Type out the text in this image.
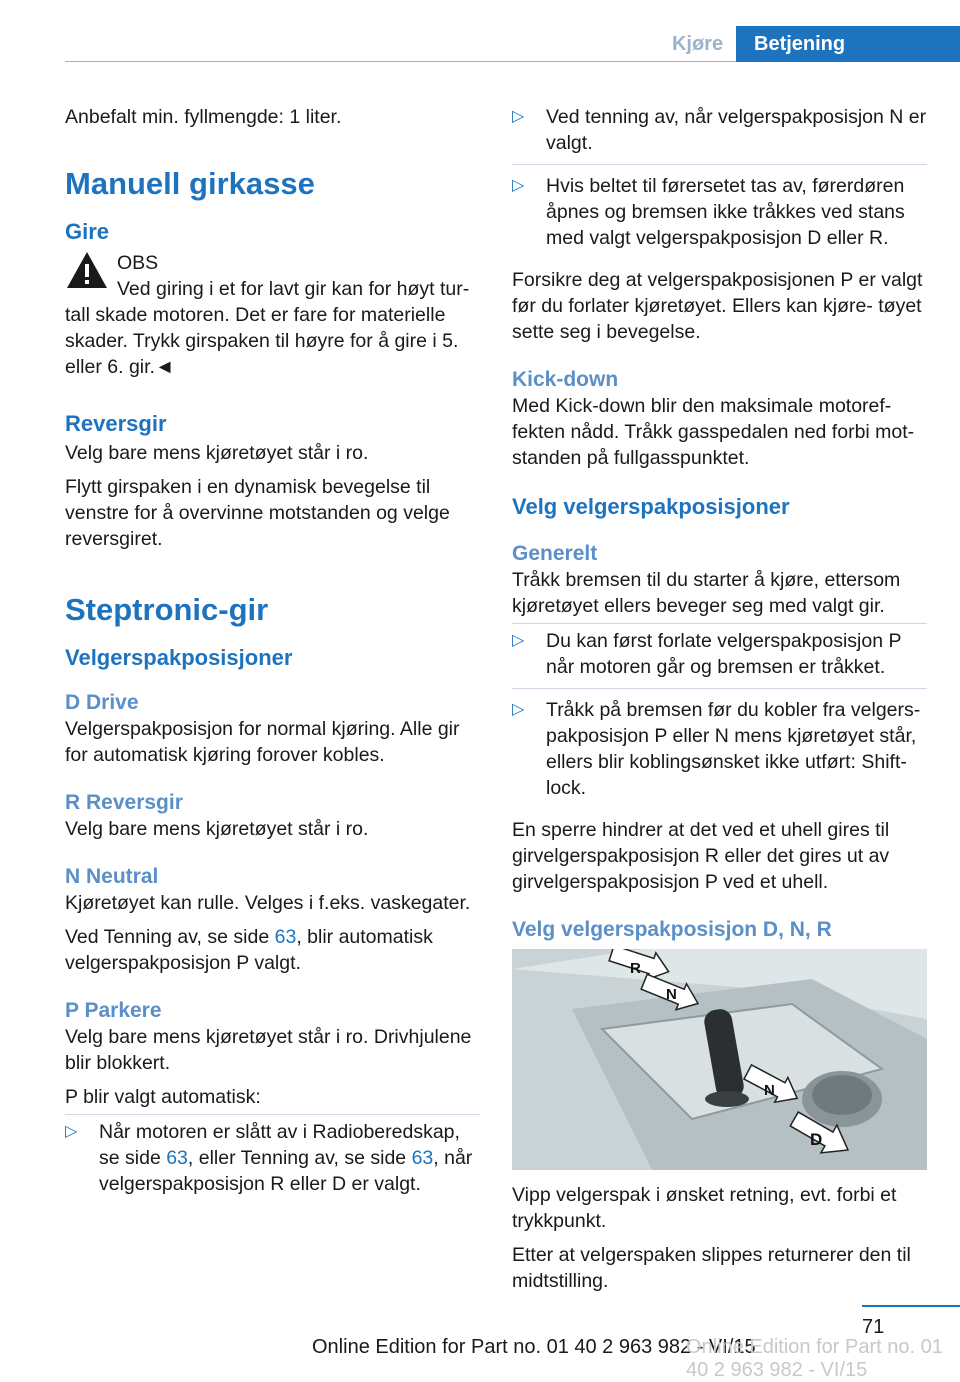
Kjøre	Betjening

Anbefalt min. fyllmengde: 1 liter.

Manuell girkasse
Gire

OBS

Ved giring i et for lavt gir kan for høyt tur-

tall skade motoren. Det er fare for materielle skader. Trykk girspaken til høyre for å gire i 5. eller 6. gir.◄

Reversgir

Velg bare mens kjøretøyet står i ro.

Flytt girspaken i en dynamisk bevegelse til venstre for å overvinne motstanden og velge reversgiret.

Steptronic-gir
Velgerspakposisjoner
D Drive

Velgerspakposisjon for normal kjøring. Alle gir for automatisk kjøring forover kobles.

R Reversgir

Velg bare mens kjøretøyet står i ro.

N Neutral

Kjøretøyet kan rulle. Velges i f.eks. vaskegater.

Ved Tenning av, se side 63, blir automatisk velgerspakposisjon P valgt.

P Parkere

Velg bare mens kjøretøyet står i ro. Drivhjulene blir blokkert.

P blir valgt automatisk:

▷ Når motoren er slått av i Radioberedskap, se side 63, eller Tenning av, se side 63, når velgerspakposisjon R eller D er valgt.
▷ Ved tenning av, når velgerspakposisjon N er valgt.
▷ Hvis beltet til førersetet tas av, førerdøren åpnes og bremsen ikke tråkkes ved stans med valgt velgerspakposisjon D eller R.

Forsikre deg at velgerspakposisjonen P er valgt før du forlater kjøretøyet. Ellers kan kjøre- tøyet sette seg i bevegelse.

Kick-down

Med Kick-down blir den maksimale motoref- fekten nådd. Tråkk gasspedalen ned forbi mot- standen på fullgasspunktet.

Velg velgerspakposisjoner
Generelt

Tråkk bremsen til du starter å kjøre, ettersom kjøretøyet ellers beveger seg med valgt gir.

▷ Du kan først forlate velgerspakposisjon P når motoren går og bremsen er tråkket.
▷ Tråkk på bremsen før du kobler fra velgers- pakposisjon P eller N mens kjøretøyet står, ellers blir koblingsønsket ikke utført: Shift- lock.

En sperre hindrer at det ved et uhell gires til girvelgerspakposisjon R eller det gires ut av girvelgerspakposisjon P ved et uhell.

Velg velgerspakposisjon D, N, R
R
N
N
D

Vipp velgerspak i ønsket retning, evt. forbi et trykkpunkt.

Etter at velgerspaken slippes returnerer den til midtstilling.

71
Online Edition for Part no. 01 40 2 963 982 - VI/15
Online Edition for Part no. 01 40 2 963 982 - VI/15
